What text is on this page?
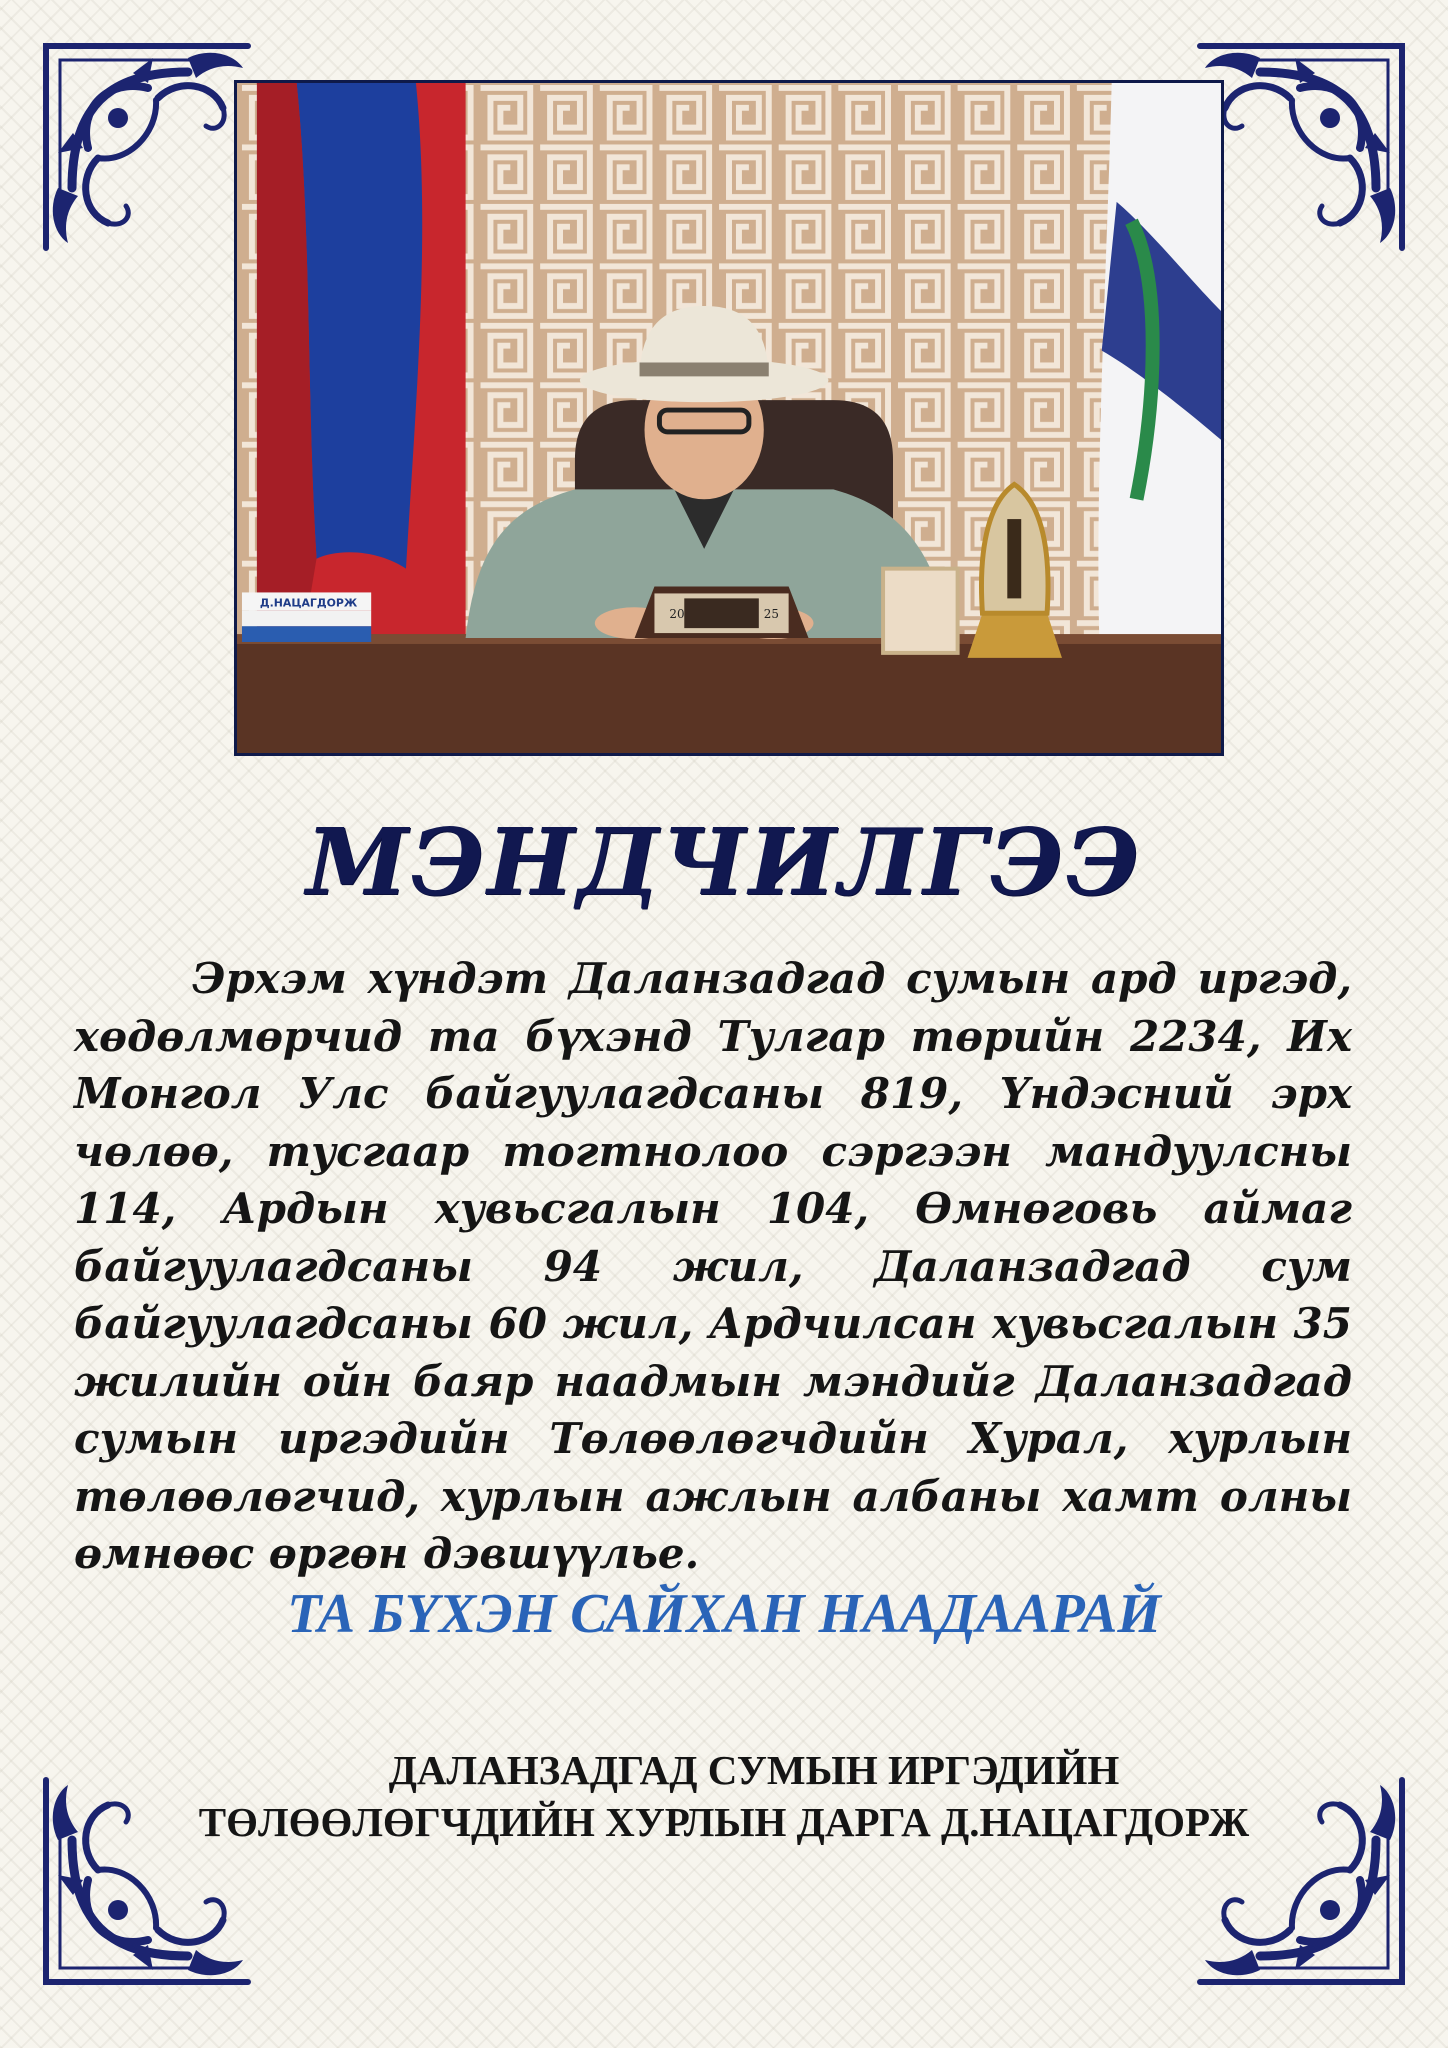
Д.НАЦАГДОРЖ
20	25
МЭНДЧИЛГЭЭ

Эрхэм хүндэт Даланзадгад сумын ард иргэд, хөдөлмөрчид та бүхэнд Тулгар төрийн 2234, Их Монгол Улс байгуулагдсаны 819, Үндэсний эрх чөлөө, тусгаар тогтнолоо сэргээн мандуулсны 114, Ардын хувьсгалын 104, Өмнөговь аймаг байгуулагдсаны 94 жил, Даланзадгад сум байгуулагдсаны 60 жил, Ардчилсан хувьсгалын 35 жилийн ойн баяр наадмын мэндийг Даланзадгад сумын иргэдийн Төлөөлөгчдийн Хурал, хурлын төлөөлөгчид, хурлын ажлын албаны хамт олны өмнөөс өргөн дэвшүүлье.

ТА БҮХЭН САЙХАН НААДААРАЙ
ДАЛАНЗАДГАД СУМЫН ИРГЭДИЙН
ТӨЛӨӨЛӨГЧДИЙН ХУРЛЫН ДАРГА Д.НАЦАГДОРЖ
